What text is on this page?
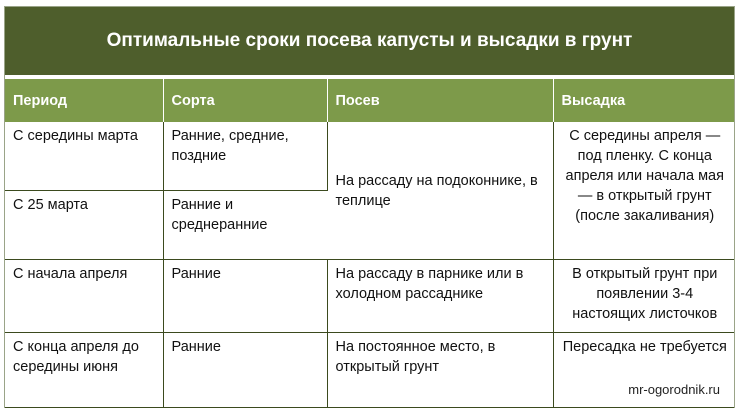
Оптимальные сроки посева капусты и высадки в грунт
Период	Сорта	Посев	Высадка
С середины марта	Ранние, средние, поздние	На рассаду на подоконнике, в теплице	С середины апреля — под пленку. С конца апреля или начала мая — в открытый грунт (после закаливания)
С 25 марта	Ранние и среднеранние		
С начала апреля	Ранние	На рассаду в парнике или в холодном рассаднике	В открытый грунт при появлении 3-4 настоящих листочков
С конца апреля до середины июня	Ранние	На постоянное место, в открытый грунт	Пересадка не требуется
mr-ogorodnik.ru
